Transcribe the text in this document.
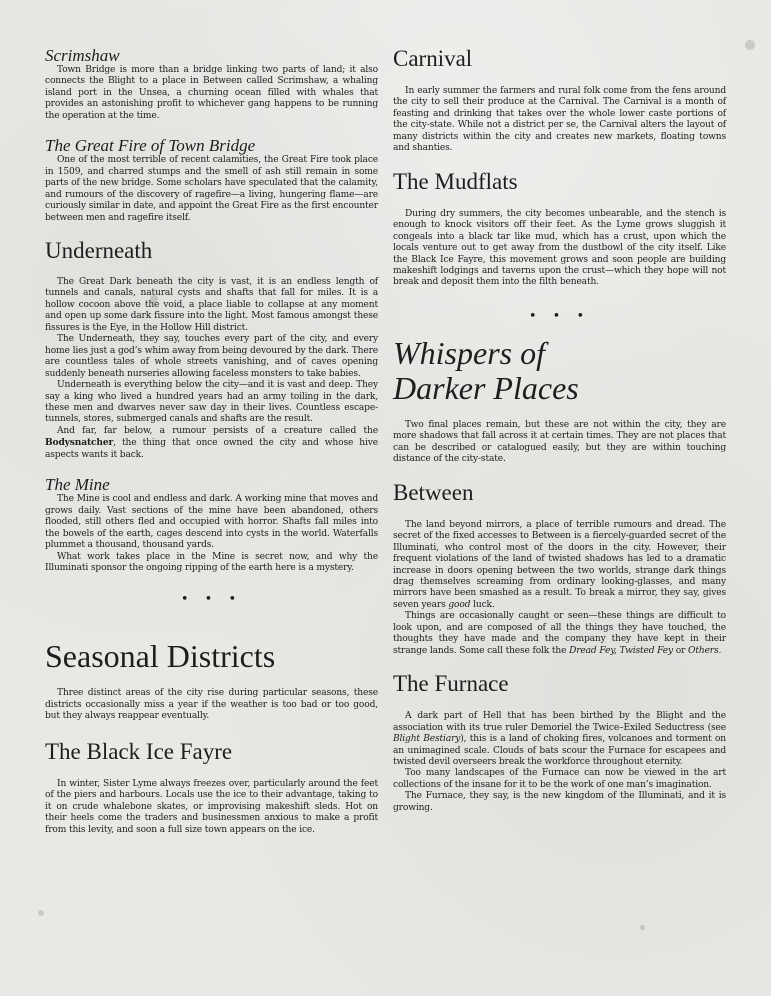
Scrimshaw

Town Bridge is more than a bridge linking two parts of land; it also connects the Blight to a place in Between called Scrimshaw, a whaling island port in the Unsea, a churning ocean filled with whales that provides an astonishing profit to whichever gang happens to be running the operation at the time.

The Great Fire of Town Bridge

One of the most terrible of recent calamities, the Great Fire took place in 1509, and charred stumps and the smell of ash still remain in some parts of the new bridge. Some scholars have speculated that the calamity, and rumours of the discovery of ragefire—a living, hungering flame—are curiously similar in date, and appoint the Great Fire as the first encounter between men and ragefire itself.

Underneath

The Great Dark beneath the city is vast, it is an endless length of tunnels and canals, natural cysts and shafts that fall for miles. It is a hollow cocoon above the void, a place liable to collapse at any moment and open up some dark fissure into the light. Most famous amongst these fissures is the Eye, in the Hollow Hill district.

The Underneath, they say, touches every part of the city, and every home lies just a god’s whim away from being devoured by the dark. There are countless tales of whole streets vanishing, and of caves opening suddenly beneath nurseries allowing faceless monsters to take babies.

Underneath is everything below the city—and it is vast and deep. They say a king who lived a hundred years had an army toiling in the dark, these men and dwarves never saw day in their lives. Countless escape-tunnels, stores, submerged canals and shafts are the result.

And far, far below, a rumour persists of a creature called the Bodysnatcher, the thing that once owned the city and whose hive aspects wants it back.

The Mine

The Mine is cool and endless and dark. A working mine that moves and grows daily. Vast sections of the mine have been abandoned, others flooded, still others fled and occupied with horror. Shafts fall miles into the bowels of the earth, cages descend into cysts in the world. Waterfalls plummet a thousand, thousand yards.

What work takes place in the Mine is secret now, and why the Illuminati sponsor the ongoing ripping of the earth here is a mystery.

• • •
Seasonal Districts

Three distinct areas of the city rise during particular seasons, these districts occasionally miss a year if the weather is too bad or too good, but they always reappear eventually.

The Black Ice Fayre

In winter, Sister Lyme always freezes over, particularly around the feet of the piers and harbours. Locals use the ice to their advantage, taking to it on crude whalebone skates, or improvising makeshift sleds. Hot on their heels come the traders and businessmen anxious to make a profit from this levity, and soon a full size town appears on the ice.

Carnival

In early summer the farmers and rural folk come from the fens around the city to sell their produce at the Carnival. The Carnival is a month of feasting and drinking that takes over the whole lower caste portions of the city-state. While not a district per se, the Carnival alters the layout of many districts within the city and creates new markets, floating towns and shanties.

The Mudflats

During dry summers, the city becomes unbearable, and the stench is enough to knock visitors off their feet. As the Lyme grows sluggish it congeals into a black tar like mud, which has a crust, upon which the locals venture out to get away from the dustbowl of the city itself. Like the Black Ice Fayre, this movement grows and soon people are building makeshift lodgings and taverns upon the crust—which they hope will not break and deposit them into the filth beneath.

• • •
Whispers of
Darker Places

Two final places remain, but these are not within the city, they are more shadows that fall across it at certain times. They are not places that can be described or catalogued easily, but they are within touching distance of the city-state.

Between

The land beyond mirrors, a place of terrible rumours and dread. The secret of the fixed accesses to Between is a fiercely-guarded secret of the Illuminati, who control most of the doors in the city. However, their frequent violations of the land of twisted shadows has led to a dramatic increase in doors opening between the two worlds, strange dark things drag themselves screaming from ordinary looking-glasses, and many mirrors have been smashed as a result. To break a mirror, they say, gives seven years good luck.

Things are occasionally caught or seen—these things are difficult to look upon, and are composed of all the things they have touched, the thoughts they have made and the company they have kept in their strange lands. Some call these folk the Dread Fey, Twisted Fey or Others.

The Furnace

A dark part of Hell that has been birthed by the Blight and the association with its true ruler Demoriel the Twice–Exiled Seductress (see Blight Bestiary), this is a land of choking fires, volcanoes and torment on an unimagined scale. Clouds of bats scour the Furnace for escapees and twisted devil overseers break the workforce throughout eternity.

Too many landscapes of the Furnace can now be viewed in the art collections of the insane for it to be the work of one man’s imagination.

The Furnace, they say, is the new kingdom of the Illuminati, and it is growing.
